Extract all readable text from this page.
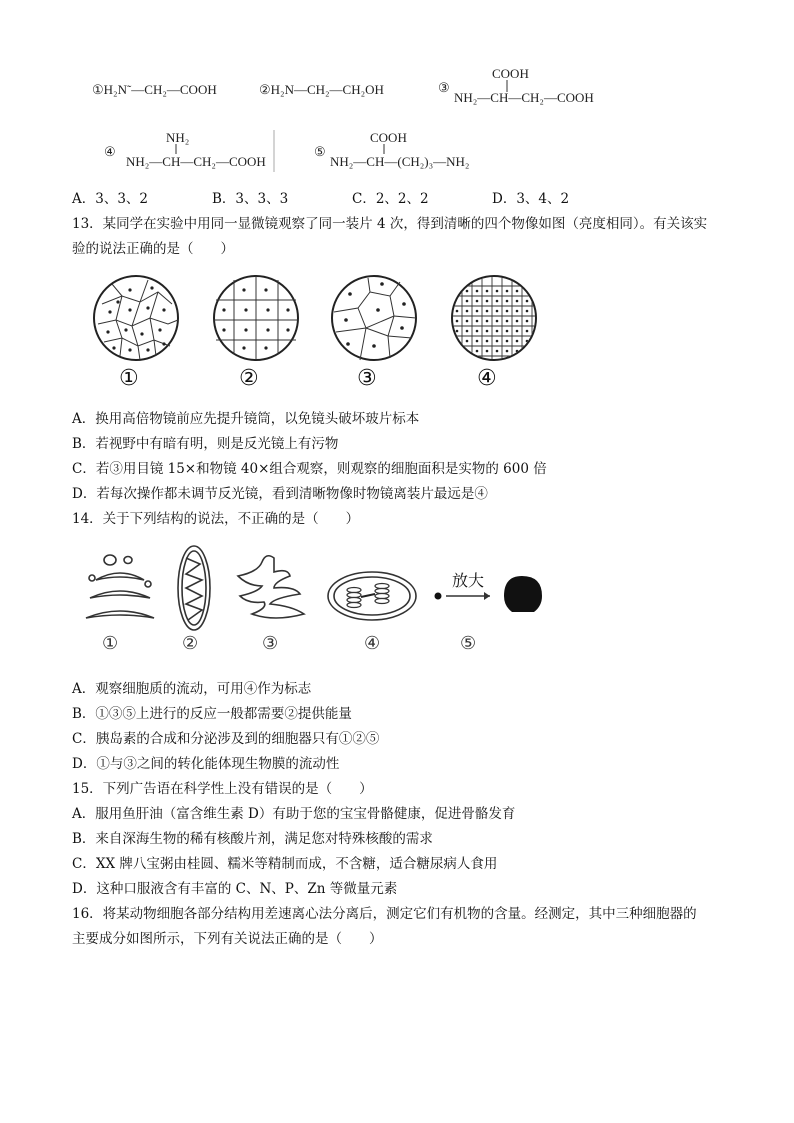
①H₂N˜—CH₂—COOH	②H₂N—CH₂—CH₂OH	③
COOH
NH₂—CH—CH₂—COOH
④
NH₂
NH₂—CH—CH₂—COOH
⑤
COOH
NH₂—CH—(CH₂)₃—NH₂
A．3、3、2	B．3、3、3	C．2、2、2	D．3、4、2
13．某同学在实验中用同一显微镜观察了同一装片 4 次，得到清晰的四个物像如图（亮度相同）。有关该实
验的说法正确的是（　　）
①	②	③	④
A．换用高倍物镜前应先提升镜筒，以免镜头破坏玻片标本
B．若视野中有暗有明，则是反光镜上有污物
C．若③用目镜 15×和物镜 40×组合观察，则观察的细胞面积是实物的 600 倍
D．若每次操作都未调节反光镜，看到清晰物像时物镜离装片最远是④
14．关于下列结构的说法，不正确的是（　　）
①	②	③	④
放大
⑤
A．观察细胞质的流动，可用④作为标志
B．①③⑤上进行的反应一般都需要②提供能量
C．胰岛素的合成和分泌涉及到的细胞器只有①②⑤
D．①与③之间的转化能体现生物膜的流动性
15．下列广告语在科学性上没有错误的是（　　）
A．服用鱼肝油（富含维生素 D）有助于您的宝宝骨骼健康，促进骨骼发育
B．来自深海生物的稀有核酸片剂，满足您对特殊核酸的需求
C．XX 牌八宝粥由桂圆、糯米等精制而成，不含糖，适合糖尿病人食用
D．这种口服液含有丰富的 C、N、P、Zn 等微量元素
16．将某动物细胞各部分结构用差速离心法分离后，测定它们有机物的含量。经测定，其中三种细胞器的
主要成分如图所示，下列有关说法正确的是（　　）
